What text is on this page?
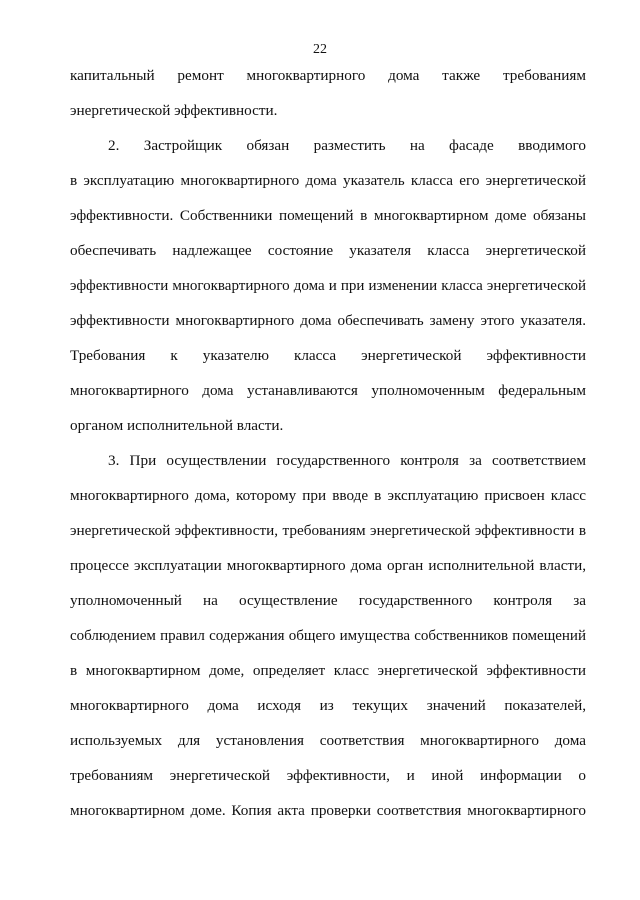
22
капитальный ремонт многоквартирного дома также требованиям
энергетической эффективности.
2. Застройщик обязан разместить на фасаде вводимого
в эксплуатацию многоквартирного дома указатель класса его энергетической
эффективности. Собственники помещений в многоквартирном доме обязаны
обеспечивать надлежащее состояние указателя класса энергетической
эффективности многоквартирного дома и при изменении класса энергетической
эффективности многоквартирного дома обеспечивать замену этого указателя.
Требования к указателю класса энергетической эффективности
многоквартирного дома устанавливаются уполномоченным федеральным
органом исполнительной власти.
3. При осуществлении государственного контроля за соответствием
многоквартирного дома, которому при вводе в эксплуатацию присвоен класс
энергетической эффективности, требованиям энергетической эффективности в
процессе эксплуатации многоквартирного дома орган исполнительной власти,
уполномоченный на осуществление государственного контроля за
соблюдением правил содержания общего имущества собственников помещений
в многоквартирном доме, определяет класс энергетической эффективности
многоквартирного дома исходя из текущих значений показателей,
используемых для установления соответствия многоквартирного дома
требованиям энергетической эффективности, и иной информации о
многоквартирном доме. Копия акта проверки соответствия многоквартирного
